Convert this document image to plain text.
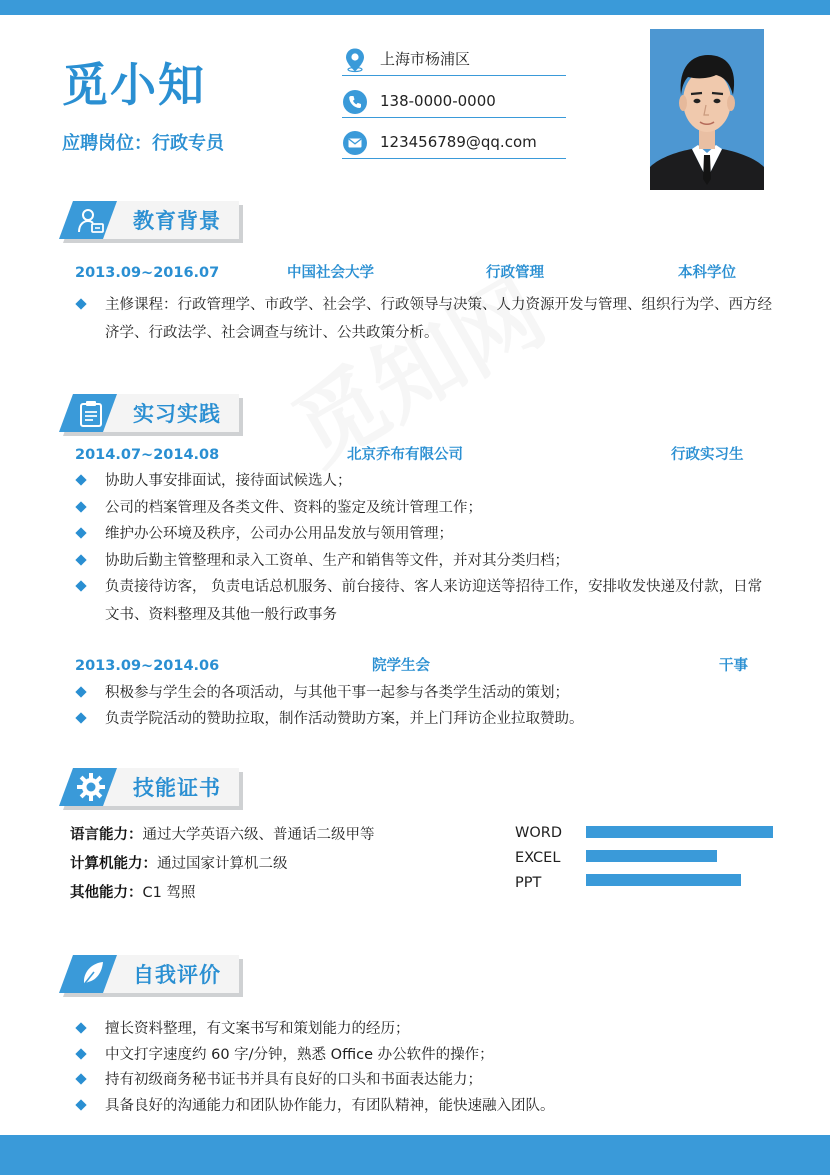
觅小知
应聘岗位：行政专员
上海市杨浦区
138-0000-0000
123456789@qq.com
教育背景
2013.09~2016.07	中国社会大学	行政管理	本科学位
主修课程：行政管理学、市政学、社会学、行政领导与决策、人力资源开发与管理、组织行为学、西方经济学、行政法学、社会调查与统计、公共政策分析。
实习实践
2014.07~2014.08	北京乔布有限公司	行政实习生
协助人事安排面试，接待面试候选人；
公司的档案管理及各类文件、资料的鉴定及统计管理工作；
维护办公环境及秩序，公司办公用品发放与领用管理；
协助后勤主管整理和录入工资单、生产和销售等文件，并对其分类归档；
负责接待访客， 负责电话总机服务、前台接待、客人来访迎送等招待工作，安排收发快递及付款，日常文书、资料整理及其他一般行政事务
2013.09~2014.06	院学生会	干事
积极参与学生会的各项活动，与其他干事一起参与各类学生活动的策划；
负责学院活动的赞助拉取，制作活动赞助方案，并上门拜访企业拉取赞助。
技能证书
语言能力：通过大学英语六级、普通话二级甲等
计算机能力：通过国家计算机二级
其他能力：C1 驾照
WORD
EXCEL
PPT
自我评价
擅长资料整理，有文案书写和策划能力的经历；
中文打字速度约 60 字/分钟，熟悉 Office 办公软件的操作；
持有初级商务秘书证书并具有良好的口头和书面表达能力；
具备良好的沟通能力和团队协作能力，有团队精神，能快速融入团队。
